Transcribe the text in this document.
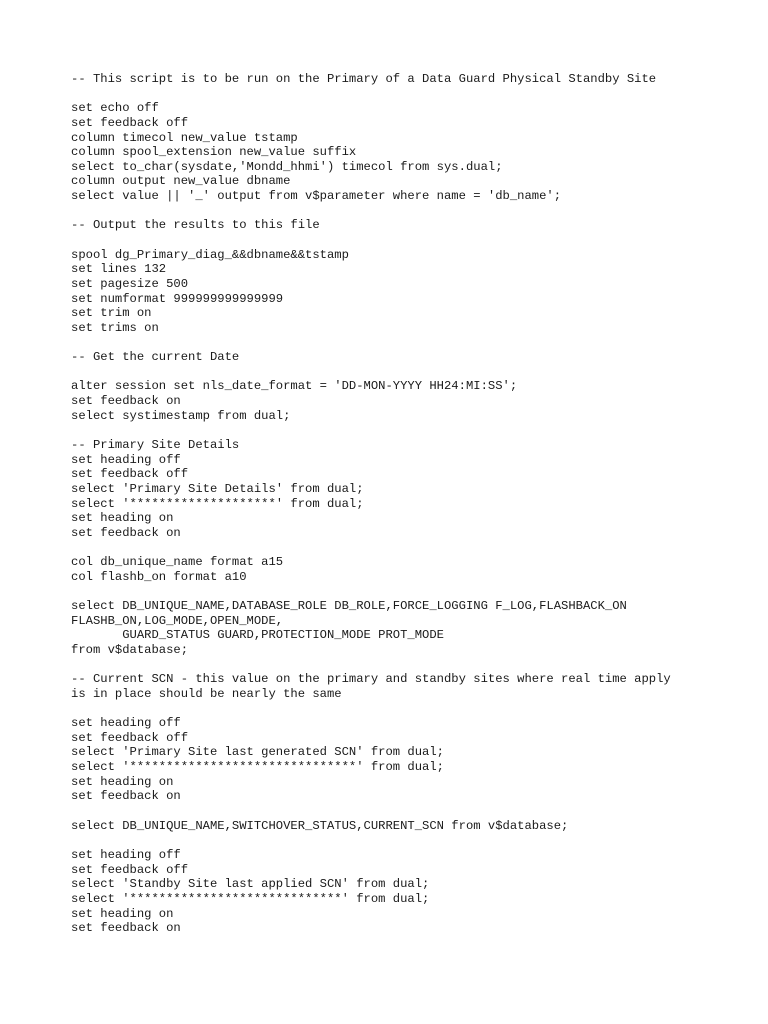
-- This script is to be run on the Primary of a Data Guard Physical Standby Site
set echo off
set feedback off
column timecol new_value tstamp
column spool_extension new_value suffix
select to_char(sysdate,'Mondd_hhmi') timecol from sys.dual;
column output new_value dbname
select value || '_' output from v$parameter where name = 'db_name';
-- Output the results to this file
spool dg_Primary_diag_&&dbname&&tstamp
set lines 132
set pagesize 500
set numformat 999999999999999
set trim on
set trims on
-- Get the current Date
alter session set nls_date_format = 'DD-MON-YYYY HH24:MI:SS';
set feedback on
select systimestamp from dual;
-- Primary Site Details
set heading off
set feedback off
select 'Primary Site Details' from dual;
select '********************' from dual;
set heading on
set feedback on
col db_unique_name format a15
col flashb_on format a10
select DB_UNIQUE_NAME,DATABASE_ROLE DB_ROLE,FORCE_LOGGING F_LOG,FLASHBACK_ON
FLASHB_ON,LOG_MODE,OPEN_MODE,
GUARD_STATUS GUARD,PROTECTION_MODE PROT_MODE
from v$database;
-- Current SCN - this value on the primary and standby sites where real time apply
is in place should be nearly the same
set heading off
set feedback off
select 'Primary Site last generated SCN' from dual;
select '*******************************' from dual;
set heading on
set feedback on
select DB_UNIQUE_NAME,SWITCHOVER_STATUS,CURRENT_SCN from v$database;
set heading off
set feedback off
select 'Standby Site last applied SCN' from dual;
select '*****************************' from dual;
set heading on
set feedback on
